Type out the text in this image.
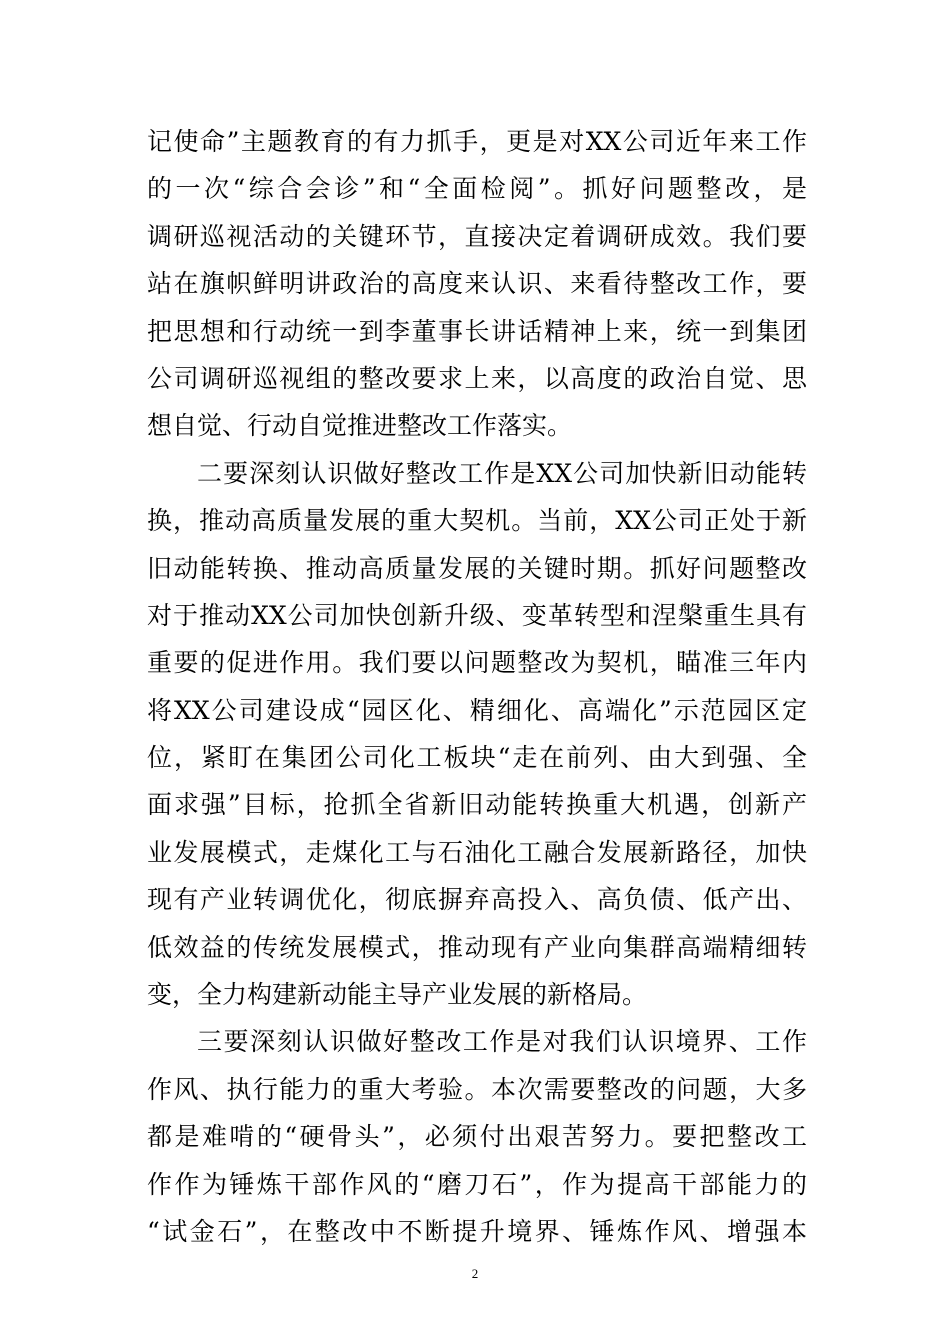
记使命”主题教育的有力抓手，更是对XX公司近年来工作
的一次“综合会诊”和“全面检阅”。抓好问题整改，是
调研巡视活动的关键环节，直接决定着调研成效。我们要
站在旗帜鲜明讲政治的高度来认识、来看待整改工作，要
把思想和行动统一到李董事长讲话精神上来，统一到集团
公司调研巡视组的整改要求上来，以高度的政治自觉、思
想自觉、行动自觉推进整改工作落实。
二要深刻认识做好整改工作是XX公司加快新旧动能转
换，推动高质量发展的重大契机。当前，XX公司正处于新
旧动能转换、推动高质量发展的关键时期。抓好问题整改
对于推动XX公司加快创新升级、变革转型和涅槃重生具有
重要的促进作用。我们要以问题整改为契机，瞄准三年内
将XX公司建设成“园区化、精细化、高端化”示范园区定
位，紧盯在集团公司化工板块“走在前列、由大到强、全
面求强”目标，抢抓全省新旧动能转换重大机遇，创新产
业发展模式，走煤化工与石油化工融合发展新路径，加快
现有产业转调优化，彻底摒弃高投入、高负债、低产出、
低效益的传统发展模式，推动现有产业向集群高端精细转
变，全力构建新动能主导产业发展的新格局。
三要深刻认识做好整改工作是对我们认识境界、工作
作风、执行能力的重大考验。本次需要整改的问题，大多
都是难啃的“硬骨头”，必须付出艰苦努力。要把整改工
作作为锤炼干部作风的“磨刀石”，作为提高干部能力的
“试金石”，在整改中不断提升境界、锤炼作风、增强本
2
